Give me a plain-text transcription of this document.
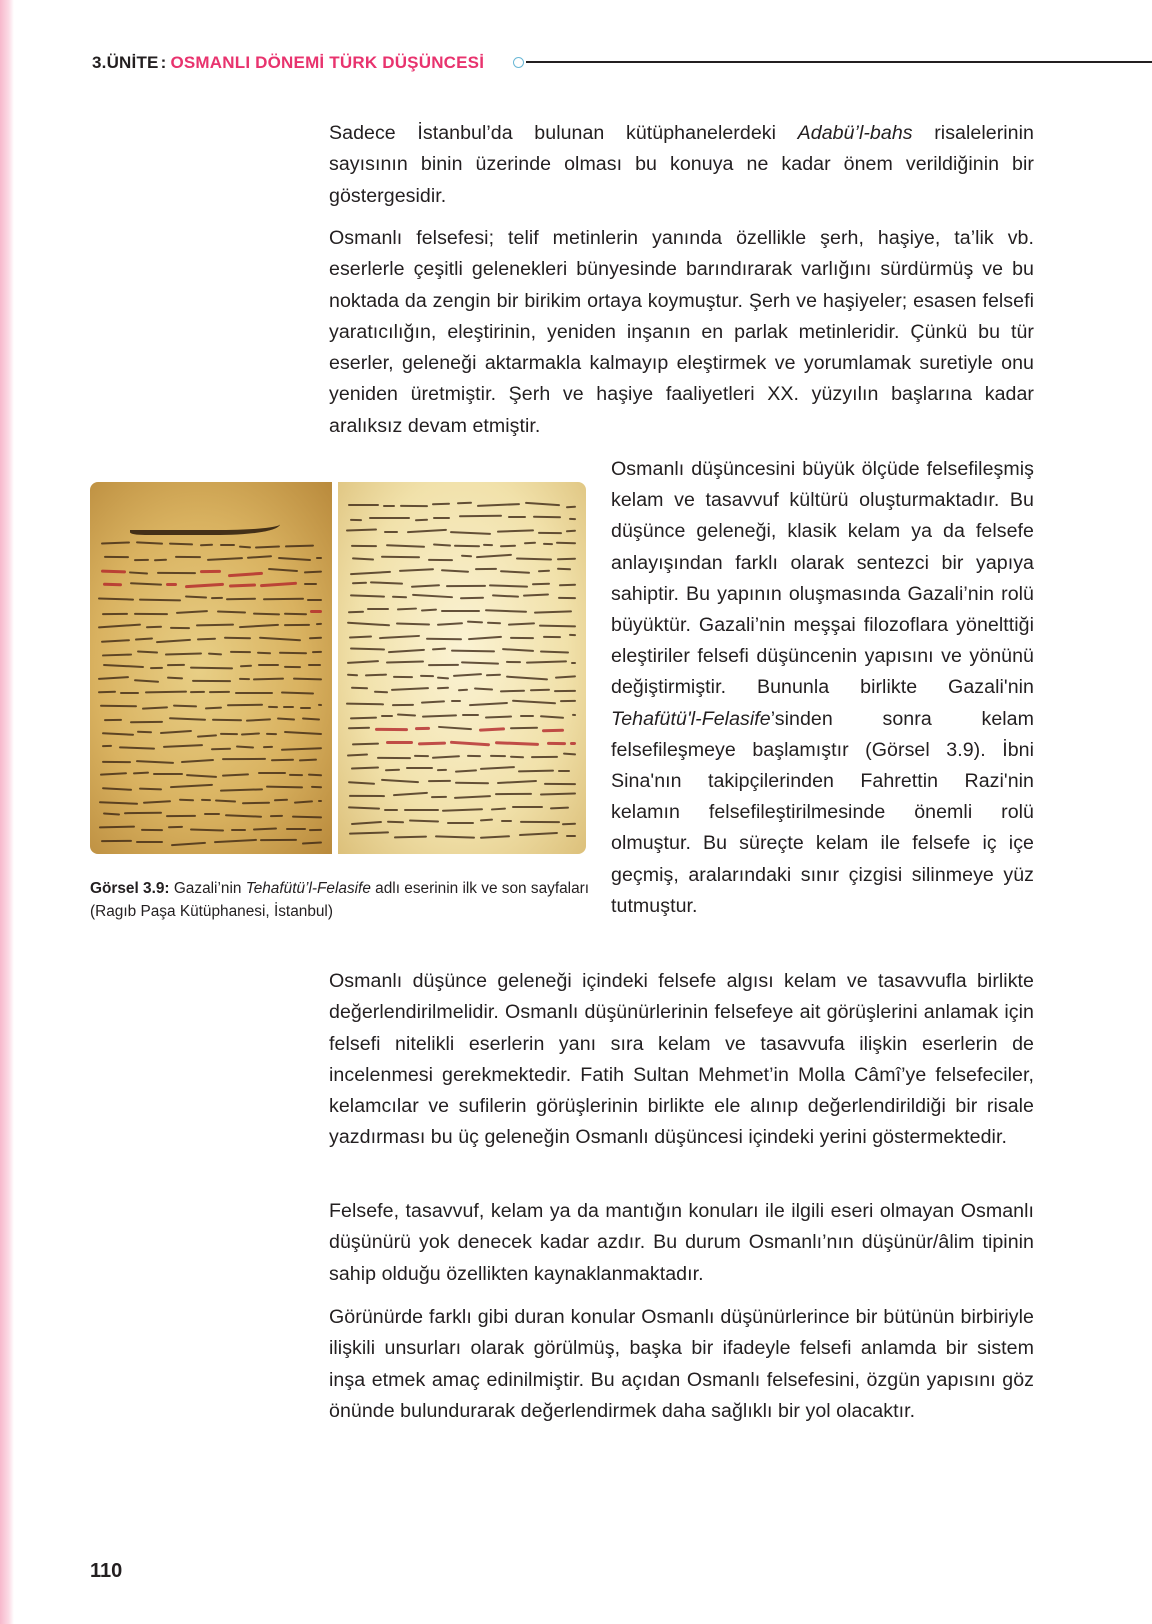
3.ÜNİTE : OSMANLI DÖNEMİ TÜRK DÜŞÜNCESİ

Sadece İstanbul’da bulunan kütüphanelerdeki Adabü’l-bahs risalelerinin sayısının binin üzerinde olması bu konuya ne kadar önem verildiğinin bir göstergesidir.

Osmanlı felsefesi; telif metinlerin yanında özellikle şerh, haşiye, ta’lik vb. eserlerle çeşitli gelenekleri bünyesinde barındırarak varlığını sürdürmüş ve bu noktada da zengin bir birikim ortaya koymuştur. Şerh ve haşiyeler; esasen felsefi yaratıcılığın, eleştirinin, yeniden inşanın en parlak metinleridir. Çünkü bu tür eserler, geleneği aktarmakla kalmayıp eleştirmek ve yorumlamak suretiyle onu yeniden üretmiştir. Şerh ve haşiye faaliyetleri XX. yüzyılın başlarına kadar aralıksız devam etmiştir.

Görsel 3.9: Gazali’nin Tehafütü’l-Felasife adlı eserinin ilk ve son sayfaları (Ragıb Paşa Kütüphanesi, İstanbul)

Osmanlı düşüncesini büyük ölçüde felsefileşmiş kelam ve tasavvuf kültürü oluşturmaktadır. Bu düşünce geleneği, klasik kelam ya da felsefe anlayışından farklı olarak sentezci bir yapıya sahiptir. Bu yapının oluşmasında Gazali’nin rolü büyüktür. Gazali’nin meşşai filozoflara yönelttiği eleştiriler felsefi düşüncenin yapısını ve yönünü değiştirmiştir. Bununla birlikte Gazali'nin Tehafütü'l-Felasife’sinden sonra kelam felsefileşmeye başlamıştır (Görsel 3.9). İbni Sina'nın takipçilerinden Fahrettin Razi'nin kelamın felsefileştirilmesinde önemli rolü olmuştur. Bu süreçte kelam ile felsefe iç içe geçmiş, aralarındaki sınır çizgisi silinmeye yüz tutmuştur.

Osmanlı düşünce geleneği içindeki felsefe algısı kelam ve tasavvufla birlikte değerlendirilmelidir. Osmanlı düşünürlerinin felsefeye ait görüşlerini anlamak için felsefi nitelikli eserlerin yanı sıra kelam ve tasavvufa ilişkin eserlerin de incelenmesi gerekmektedir. Fatih Sultan Mehmet’in Molla Câmî’ye felsefeciler, kelamcılar ve sufilerin görüşlerinin birlikte ele alınıp değerlendirildiği bir risale yazdırması bu üç geleneğin Osmanlı düşüncesi içindeki yerini göstermektedir.

Felsefe, tasavvuf, kelam ya da mantığın konuları ile ilgili eseri olmayan Osmanlı düşünürü yok denecek kadar azdır. Bu durum Osmanlı’nın düşünür/âlim tipinin sahip olduğu özellikten kaynaklanmaktadır.

Görünürde farklı gibi duran konular Osmanlı düşünürlerince bir bütünün birbiriyle ilişkili unsurları olarak görülmüş, başka bir ifadeyle felsefi anlamda bir sistem inşa etmek amaç edinilmiştir. Bu açıdan Osmanlı felsefesini, özgün yapısını göz önünde bulundurarak değerlendirmek daha sağlıklı bir yol olacaktır.

110
